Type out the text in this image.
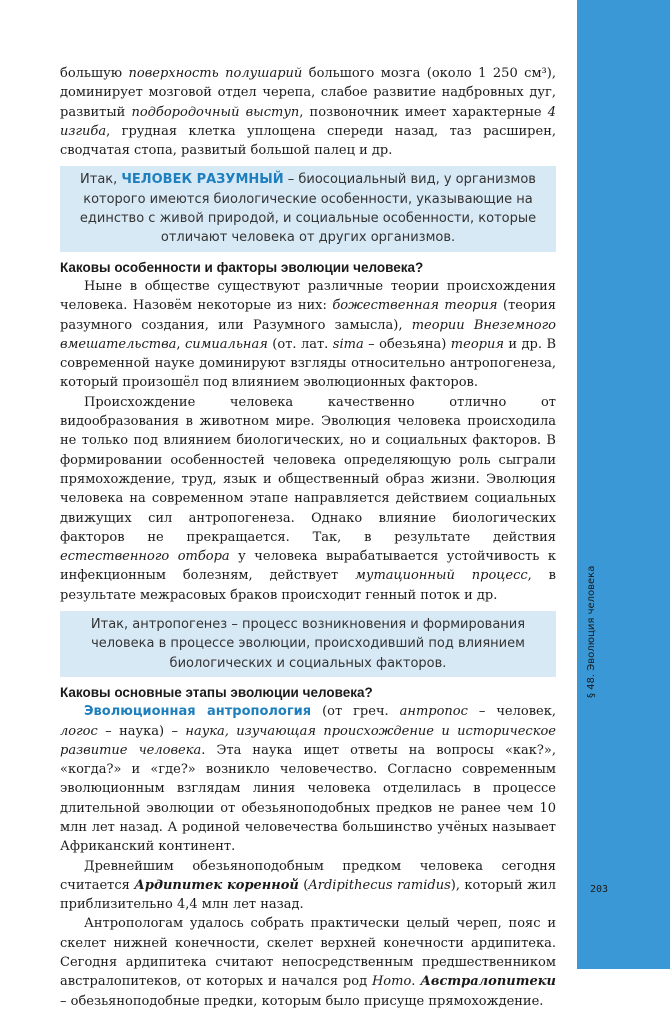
§ 48. Эволюция человека
203

большую поверхность полушарий большого мозга (около 1 250 см³), доминирует мозговой отдел черепа, слабое развитие надбровных дуг, развитый подбородочный выступ, позвоночник имеет характерные 4 изгиба, грудная клетка уплощена спереди назад, таз расширен, сводчатая стопа, развитый большой палец и др.

Итак, ЧЕЛОВЕК РАЗУМНЫЙ – биосоциальный вид, у организмов которого имеются биологические особенности, указывающие на единство с живой природой, и социальные особенности, которые отличают человека от других организмов.
Каковы особенности и факторы эволюции человека?

Ныне в обществе существуют различные теории происхождения человека. Назовём некоторые из них: божественная теория (теория разумного создания, или Разумного замысла), теории Внеземного вмешательства, симиальная (от. лат. sima – обезьяна) теория и др. В современной науке доминируют взгляды относительно антропогенеза, который произошёл под влиянием эволюционных факторов.

Происхождение человека качественно отлично от видообразования в животном мире. Эволюция человека происходила не только под влиянием биологических, но и социальных факторов. В формировании особенностей человека определяющую роль сыграли прямохождение, труд, язык и общественный образ жизни. Эволюция человека на современном этапе направляется действием социальных движущих сил антропогенеза. Однако влияние биологических факторов не прекращается. Так, в результате действия естественного отбора у человека вырабатывается устойчивость к инфекционным болезням, действует мутационный процесс, в результате межрасовых браков происходит генный поток и др.

Итак, антропогенез – процесс возникновения и формирования человека в процессе эволюции, происходивший под влиянием биологических и социальных факторов.
Каковы основные этапы эволюции человека?

Эволюционная антропология (от греч. антропос – человек, логос – наука) – наука, изучающая происхождение и историческое развитие человека. Эта наука ищет ответы на вопросы «как?», «когда?» и «где?» возникло человечество. Согласно современным эволюционным взглядам линия человека отделилась в процессе длительной эволюции от обезьяноподобных предков не ранее чем 10 млн лет назад. А родиной человечества большинство учёных называет Африканский континент.

Древнейшим обезьяноподобным предком человека сегодня считается Ардипитек коренной (Ardipithecus ramidus), который жил приблизительно 4,4 млн лет назад.

Антропологам удалось собрать практически целый череп, пояс и скелет нижней конечности, скелет верхней конечности ардипитека. Сегодня ардипитека считают непосредственным предшественником австралопитеков, от которых и начался род Homo. Австралопитеки – обезьяноподобные предки, которым было присуще прямохождение.
